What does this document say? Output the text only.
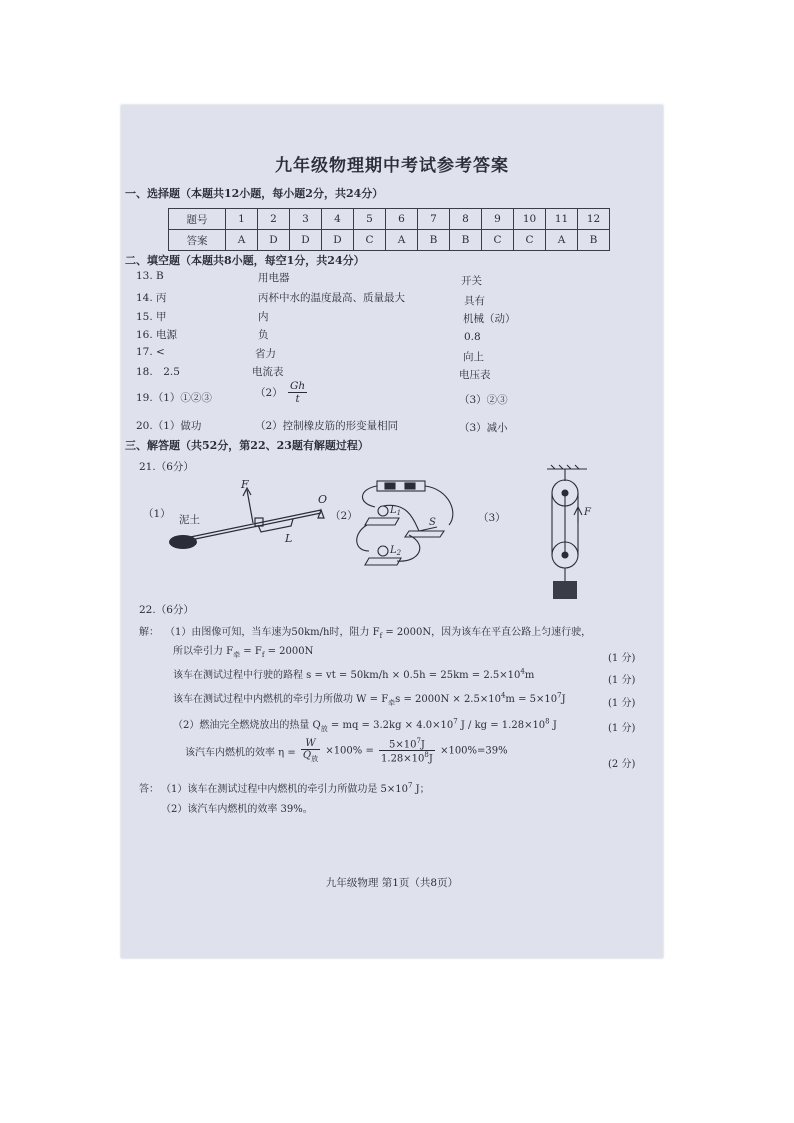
九年级物理期中考试参考答案
一、选择题（本题共12小题，每小题2分，共24分）
题号	1	2	3	4	5	6	7	8	9	10	11	12
答案	A	D	D	D	C	A	B	B	C	C	A	B
二、填空题（本题共8小题，每空1分，共24分）
13. B	用电器	开关
14. 丙	丙杯中水的温度最高、质量最大	具有
15. 甲	内	机械（动）
16. 电源	负	0.8
17. <	省力	向上
18.　2.5	电流表	电压表
19.（1）①②③	$(2) \frac{Gh}{t}$	（3）②③
20.（1）做功	（2）控制橡皮筋的形变量相同	（3）减小
三、解答题（共52分，第22、23题有解题过程）
21.（6分）
（1）	（2）	（3）
F
O
泥土
L
$L_1$
$L_2$
S
F
22.（6分）
解： （1）由图像可知，当车速为50km/h时，阻力 $F_f = 2000N$，因为该车在平直公路上匀速行驶，
所以牵引力 $F_牵 = F_f = 2000N$
(1 分)
该车在测试过程中行驶的路程 s = vt = $50km/h \times 0.5h = 25km = 2.5\times 10^4m$	(1 分)
该车在测试过程中内燃机的牵引力所做功 $W = F_牵s = 2000N \times 2.5\times 10^4m = 5\times 10^7J$	(1 分)
（2）燃油完全燃烧放出的热量 $Q_放$ = mq = $3.2kg \times 4.0\times 10^7$ J / kg = $1.28\times 10^8$ J	(1 分)
该汽车内燃机的效率 $\eta = \frac{W}{Q_放} \times 100\% = \frac{5\times 10^7J}{1.28\times 10^8J} \times 100\%=39\%$
(2 分)
答： （1）该车在测试过程中内燃机的牵引力所做功是 $5\times 10^7$ J；
（2）该汽车内燃机的效率 39%。
九年级物理 第1页（共8页）
